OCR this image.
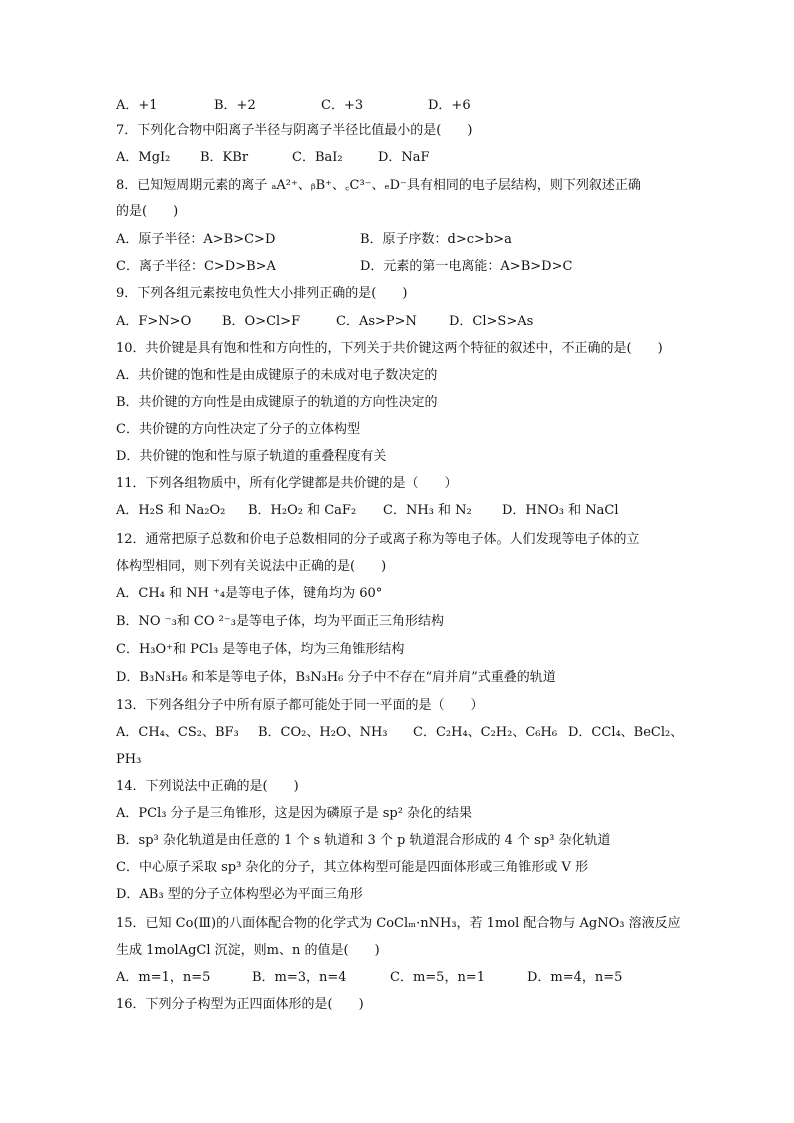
A．+1	B．+2	C．+3	D．+6
7．下列化合物中阳离子半径与阴离子半径比值最小的是(　　)
A．MgI₂ B．KBr	C．BaI₂	D．NaF
8．已知短周期元素的离子 ₐA²⁺、ᵦB⁺、꜀C³⁻、ₑD⁻具有相同的电子层结构，则下列叙述正确
的是(　　)
A．原子半径：A>B>C>D	B．原子序数：d>c>b>a
C．离子半径：C>D>B>A	D．元素的第一电离能：A>B>D>C
9．下列各组元素按电负性大小排列正确的是(　　)
A．F>N>O B．O>Cl>F	C．As>P>N D．Cl>S>As
10．共价键是具有饱和性和方向性的，下列关于共价键这两个特征的叙述中，不正确的是(　　)
A．共价键的饱和性是由成键原子的未成对电子数决定的
B．共价键的方向性是由成键原子的轨道的方向性决定的
C．共价键的方向性决定了分子的立体构型
D．共价键的饱和性与原子轨道的重叠程度有关
11．下列各组物质中，所有化学键都是共价键的是（　　）
A．H₂S 和 Na₂O₂ B．H₂O₂ 和 CaF₂ C．NH₃ 和 N₂ D．HNO₃ 和 NaCl
12．通常把原子总数和价电子总数相同的分子或离子称为等电子体。人们发现等电子体的立
体构型相同，则下列有关说法中正确的是(　　)
A．CH₄ 和 NH ⁺₄是等电子体，键角均为 60°
B．NO ⁻₃和 CO ²⁻₃是等电子体，均为平面正三角形结构
C．H₃O⁺和 PCl₃ 是等电子体，均为三角锥形结构
D．B₃N₃H₆ 和苯是等电子体，B₃N₃H₆ 分子中不存在“肩并肩”式重叠的轨道
13．下列各组分子中所有原子都可能处于同一平面的是（　　）
A．CH₄、CS₂、BF₃ B．CO₂、H₂O、NH₃ C．C₂H₄、C₂H₂、C₆H₆ D．CCl₄、BeCl₂、
PH₃
14．下列说法中正确的是(　　)
A．PCl₃ 分子是三角锥形，这是因为磷原子是 sp² 杂化的结果
B．sp³ 杂化轨道是由任意的 1 个 s 轨道和 3 个 p 轨道混合形成的 4 个 sp³ 杂化轨道
C．中心原子采取 sp³ 杂化的分子，其立体构型可能是四面体形或三角锥形或 V 形
D．AB₃ 型的分子立体构型必为平面三角形
15．已知 Co(Ⅲ)的八面体配合物的化学式为 CoClₘ·nNH₃，若 1mol 配合物与 AgNO₃ 溶液反应
生成 1molAgCl 沉淀，则m、n 的值是(　　)
A．m=1，n=5	B．m=3，n=4	C．m=5，n=1	D．m=4，n=5
16．下列分子构型为正四面体形的是(　　)
